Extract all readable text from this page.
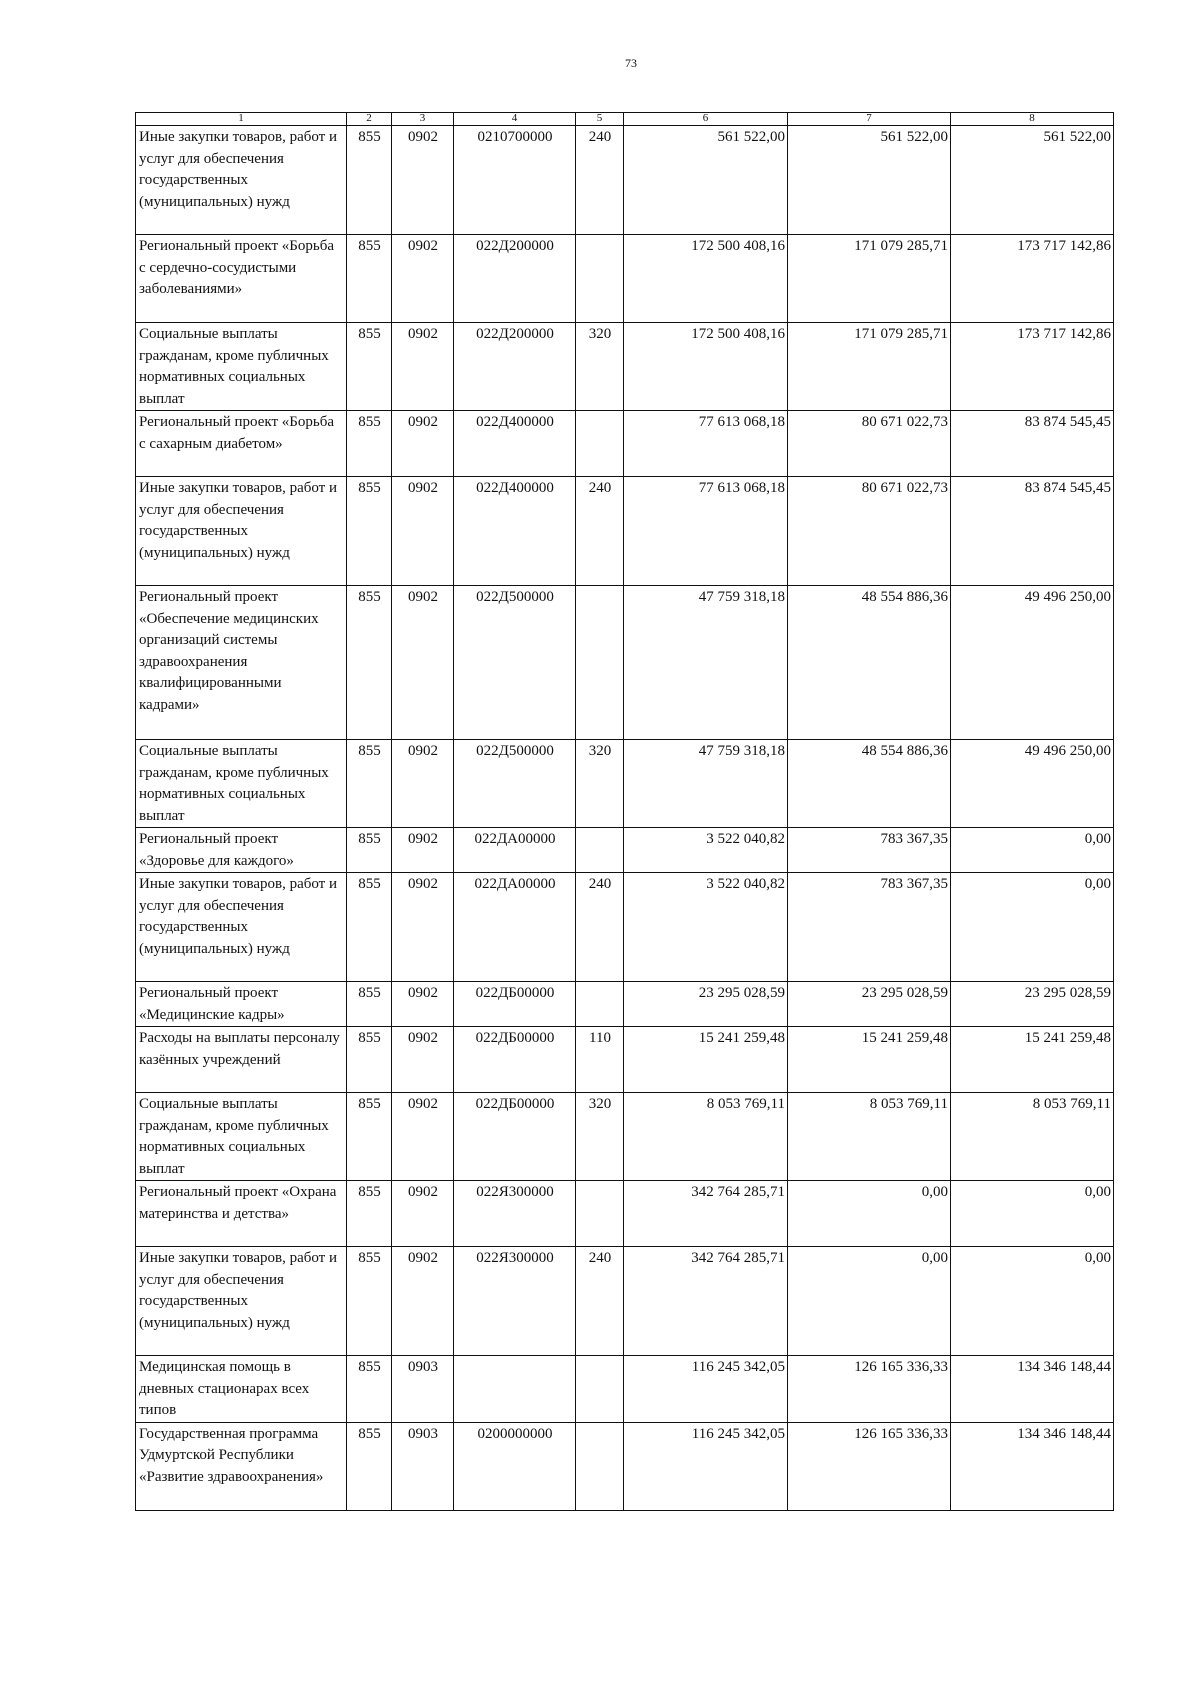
73
1	2	3	4	5	6	7	8
Иные закупки товаров, работ и услуг для обеспечения государственных (муниципальных) нужд	855	0902	0210700000	240	561 522,00	561 522,00	561 522,00
Региональный проект «Борьба с сердечно-сосудистыми заболеваниями»	855	0902	022Д200000		172 500 408,16	171 079 285,71	173 717 142,86
Социальные выплаты гражданам, кроме публичных нормативных социальных выплат	855	0902	022Д200000	320	172 500 408,16	171 079 285,71	173 717 142,86
Региональный проект «Борьба с сахарным диабетом»	855	0902	022Д400000		77 613 068,18	80 671 022,73	83 874 545,45
Иные закупки товаров, работ и услуг для обеспечения государственных (муниципальных) нужд	855	0902	022Д400000	240	77 613 068,18	80 671 022,73	83 874 545,45
Региональный проект «Обеспечение медицинских организаций системы здравоохранения квалифицированными кадрами»	855	0902	022Д500000		47 759 318,18	48 554 886,36	49 496 250,00
Социальные выплаты гражданам, кроме публичных нормативных социальных выплат	855	0902	022Д500000	320	47 759 318,18	48 554 886,36	49 496 250,00
Региональный проект «Здоровье для каждого»	855	0902	022ДА00000		3 522 040,82	783 367,35	0,00
Иные закупки товаров, работ и услуг для обеспечения государственных (муниципальных) нужд	855	0902	022ДА00000	240	3 522 040,82	783 367,35	0,00
Региональный проект «Медицинские кадры»	855	0902	022ДБ00000		23 295 028,59	23 295 028,59	23 295 028,59
Расходы на выплаты персоналу казённых учреждений	855	0902	022ДБ00000	110	15 241 259,48	15 241 259,48	15 241 259,48
Социальные выплаты гражданам, кроме публичных нормативных социальных выплат	855	0902	022ДБ00000	320	8 053 769,11	8 053 769,11	8 053 769,11
Региональный проект «Охрана материнства и детства»	855	0902	022Я300000		342 764 285,71	0,00	0,00
Иные закупки товаров, работ и услуг для обеспечения государственных (муниципальных) нужд	855	0902	022Я300000	240	342 764 285,71	0,00	0,00
Медицинская помощь в дневных стационарах всех типов	855	0903			116 245 342,05	126 165 336,33	134 346 148,44
Государственная программа Удмуртской Республики «Развитие здравоохранения»	855	0903	0200000000		116 245 342,05	126 165 336,33	134 346 148,44
